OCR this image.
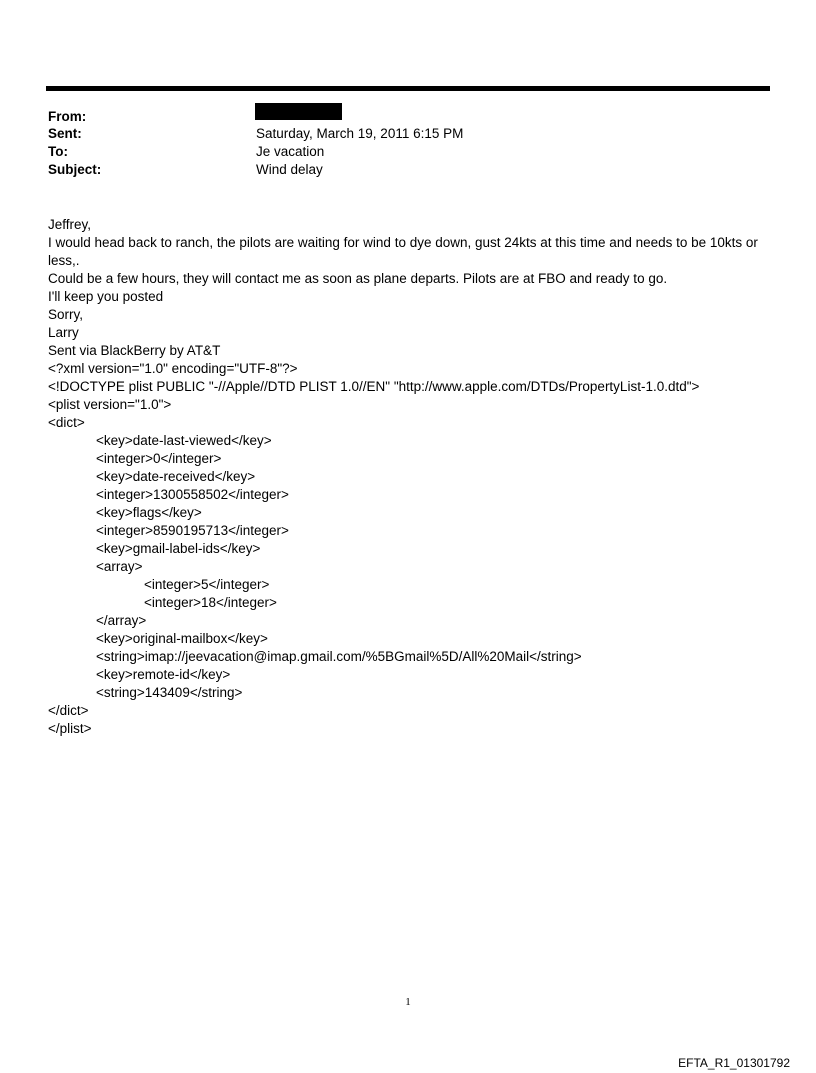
From:
Sent:	Saturday, March 19, 2011 6:15 PM
To:	Je vacation
Subject:	Wind delay
Jeffrey,
I would head back to ranch, the pilots are waiting for wind to dye down, gust 24kts at this time and needs to be 10kts or less,.
Could be a few hours, they will contact me as soon as plane departs. Pilots are at FBO and ready to go.
I'll keep you posted
Sorry,
Larry
Sent via BlackBerry by AT&T
<?xml version="1.0" encoding="UTF-8"?>
<!DOCTYPE plist PUBLIC "-//Apple//DTD PLIST 1.0//EN" "http://www.apple.com/DTDs/PropertyList-1.0.dtd">
<plist version="1.0">
<dict>
<key>date-last-viewed</key>
<integer>0</integer>
<key>date-received</key>
<integer>1300558502</integer>
<key>flags</key>
<integer>8590195713</integer>
<key>gmail-label-ids</key>
<array>
<integer>5</integer>
<integer>18</integer>
</array>
<key>original-mailbox</key>
<string>imap://jeevacation@imap.gmail.com/%5BGmail%5D/All%20Mail</string>
<key>remote-id</key>
<string>143409</string>
</dict>
</plist>
1
EFTA_R1_01301792
